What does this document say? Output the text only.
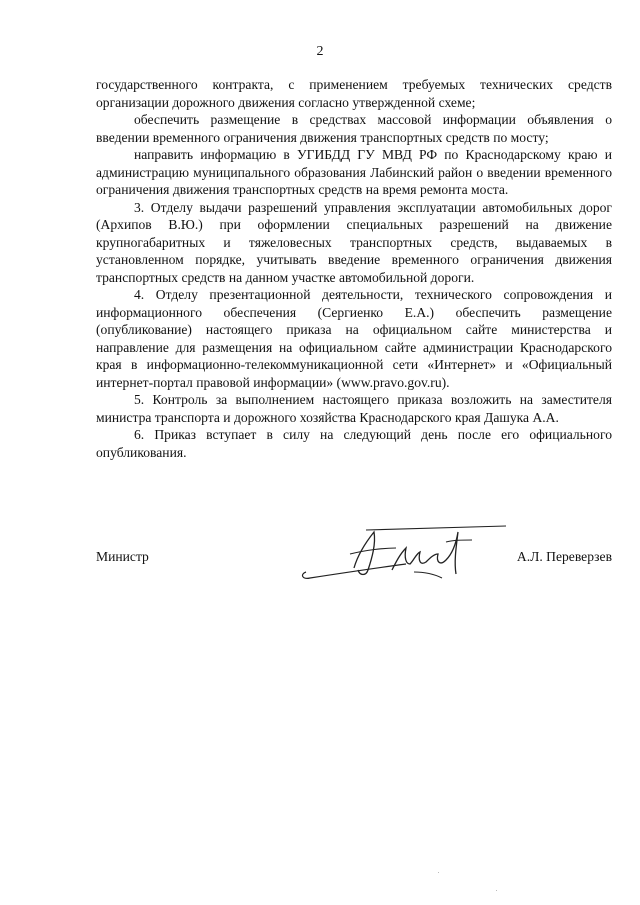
2

государственного контракта, с применением требуемых технических средств организации дорожного движения согласно утвержденной схеме;

обеспечить размещение в средствах массовой информации объявления о введении временного ограничения движения транспортных средств по мосту;

направить информацию в УГИБДД ГУ МВД РФ по Краснодарскому краю и администрацию муниципального образования Лабинский район о введении временного ограничения движения транспортных средств на время ремонта моста.

3. Отделу выдачи разрешений управления эксплуатации автомобильных дорог (Архипов В.Ю.) при оформлении специальных разрешений на движение крупногабаритных и тяжеловесных транспортных средств, выдаваемых в установленном порядке, учитывать введение временного ограничения движения транспортных средств на данном участке автомобильной дороги.

4. Отделу презентационной деятельности, технического сопровождения и информационного обеспечения (Сергиенко Е.А.) обеспечить размещение (опубликование) настоящего приказа на официальном сайте министерства и направление для размещения на официальном сайте администрации Краснодарского края в информационно-телекоммуникационной сети «Интернет» и «Официальный интернет-портал правовой информации» (www.pravo.gov.ru).

5. Контроль за выполнением настоящего приказа возложить на заместителя министра транспорта и дорожного хозяйства Краснодарского края Дашука А.А.

6. Приказ вступает в силу на следующий день после его официального опубликования.

Министр	А.Л. Переверзев
